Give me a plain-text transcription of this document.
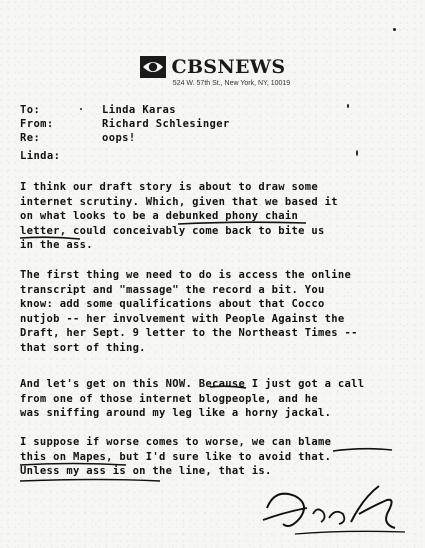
CBSNEWS
524 W. 57th St., New York, NY, 10019
To:	Linda Karas
From:	Richard Schlesinger
Re:	oops!
Linda:
I think our draft story is about to draw some
internet scrutiny. Which, given that we based it
on what looks to be a debunked phony chain
letter, could conceivably come back to bite us
in the ass.
The first thing we need to do is access the online
transcript and "massage" the record a bit. You
know: add some qualifications about that Cocco
nutjob -- her involvement with People Against the
Draft, her Sept. 9 letter to the Northeast Times --
that sort of thing.
And let's get on this NOW. Because I just got a call
from one of those internet blogpeople, and he
was sniffing around my leg like a horny jackal.
I suppose if worse comes to worse, we can blame
this on Mapes, but I'd sure like to avoid that.
Unless my ass is on the line, that is.
